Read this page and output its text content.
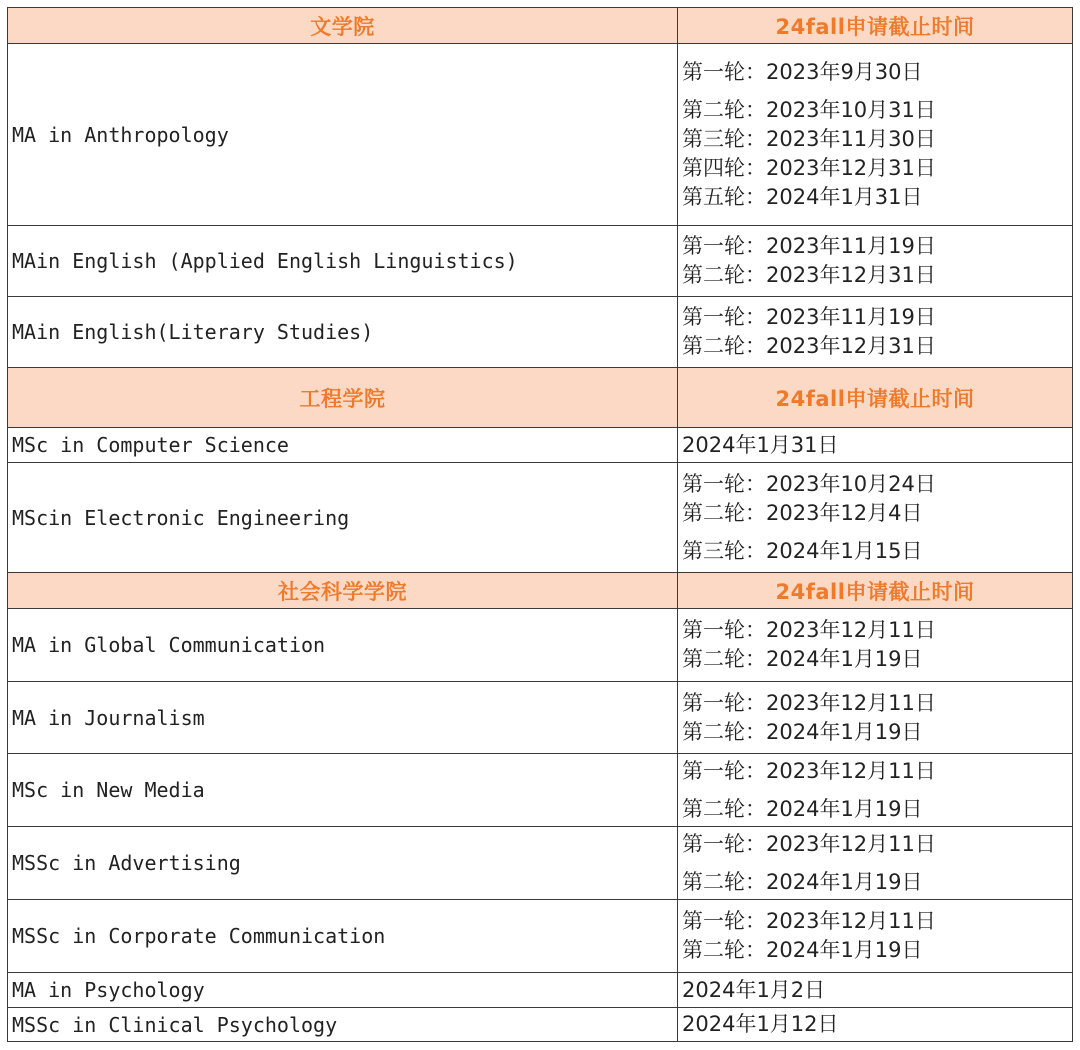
文学院	24fall申请截止时间
MA in Anthropology	第一轮：2023年9月30日
第二轮：2023年10月31日
第三轮：2023年11月30日
第四轮：2023年12月31日
第五轮：2024年1月31日

MAin English (Applied English Linguistics)	第一轮：2023年11月19日
第二轮：2023年12月31日

MAin English(Literary Studies)	第一轮：2023年11月19日
第二轮：2023年12月31日

工程学院	24fall申请截止时间
MSc in Computer Science	2024年1月31日

MScin Electronic Engineering	第一轮：2023年10月24日
第二轮：2023年12月4日
第三轮：2024年1月15日

社会科学学院	24fall申请截止时间
MA in Global Communication	第一轮：2023年12月11日
第二轮：2024年1月19日

MA in Journalism	第一轮：2023年12月11日
第二轮：2024年1月19日

MSc in New Media	第一轮：2023年12月11日
第二轮：2024年1月19日

MSSc in Advertising	第一轮：2023年12月11日
第二轮：2024年1月19日

MSSc in Corporate Communication	第一轮：2023年12月11日
第二轮：2024年1月19日

MA in Psychology	2024年1月2日

MSSc in Clinical Psychology	2024年1月12日
